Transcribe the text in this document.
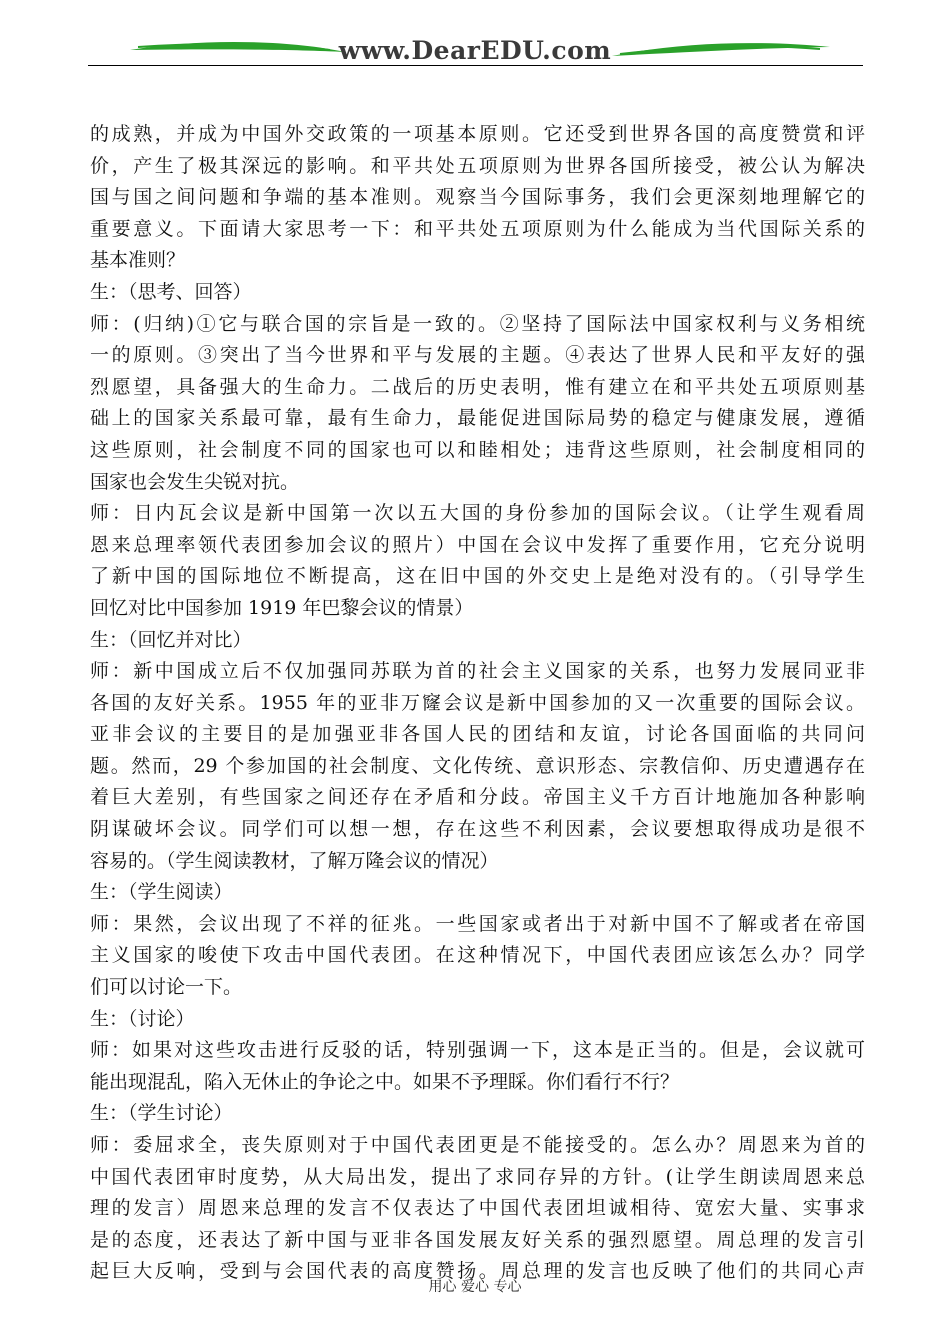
www.DearEDU.com
的成熟，并成为中国外交政策的一项基本原则。它还受到世界各国的高度赞赏和评
价，产生了极其深远的影响。和平共处五项原则为世界各国所接受，被公认为解决
国与国之间问题和争端的基本准则。观察当今国际事务，我们会更深刻地理解它的
重要意义。下面请大家思考一下：和平共处五项原则为什么能成为当代国际关系的
基本准则？
生：（思考、回答）
师：(归纳)①它与联合国的宗旨是一致的。②坚持了国际法中国家权利与义务相统
一的原则。③突出了当今世界和平与发展的主题。④表达了世界人民和平友好的强
烈愿望，具备强大的生命力。二战后的历史表明，惟有建立在和平共处五项原则基
础上的国家关系最可靠，最有生命力，最能促进国际局势的稳定与健康发展，遵循
这些原则，社会制度不同的国家也可以和睦相处；违背这些原则，社会制度相同的
国家也会发生尖锐对抗。
师：日内瓦会议是新中国第一次以五大国的身份参加的国际会议。（让学生观看周
恩来总理率领代表团参加会议的照片）中国在会议中发挥了重要作用，它充分说明
了新中国的国际地位不断提高，这在旧中国的外交史上是绝对没有的。（引导学生
回忆对比中国参加 1919 年巴黎会议的情景）
生：（回忆并对比）
师：新中国成立后不仅加强同苏联为首的社会主义国家的关系，也努力发展同亚非
各国的友好关系。1955 年的亚非万窿会议是新中国参加的又一次重要的国际会议。
亚非会议的主要目的是加强亚非各国人民的团结和友谊，讨论各国面临的共同问
题。然而，29 个参加国的社会制度、文化传统、意识形态、宗教信仰、历史遭遇存在
着巨大差别，有些国家之间还存在矛盾和分歧。帝国主义千方百计地施加各种影响
阴谋破坏会议。同学们可以想一想，存在这些不利因素，会议要想取得成功是很不
容易的。（学生阅读教材，了解万隆会议的情况）
生：（学生阅读）
师：果然，会议出现了不祥的征兆。一些国家或者出于对新中国不了解或者在帝国
主义国家的唆使下攻击中国代表团。在这种情况下，中国代表团应该怎么办？同学
们可以讨论一下。
生：（讨论）
师：如果对这些攻击进行反驳的话，特别强调一下，这本是正当的。但是，会议就可
能出现混乱，陷入无休止的争论之中。如果不予理睬。你们看行不行？
生：（学生讨论）
师：委屈求全，丧失原则对于中国代表团更是不能接受的。怎么办？周恩来为首的
中国代表团审时度势，从大局出发，提出了求同存异的方针。(让学生朗读周恩来总
理的发言）周恩来总理的发言不仅表达了中国代表团坦诚相待、宽宏大量、实事求
是的态度，还表达了新中国与亚非各国发展友好关系的强烈愿望。周总理的发言引
起巨大反响，受到与会国代表的高度赞扬。周总理的发言也反映了他们的共同心声
用心 爱心 专心
